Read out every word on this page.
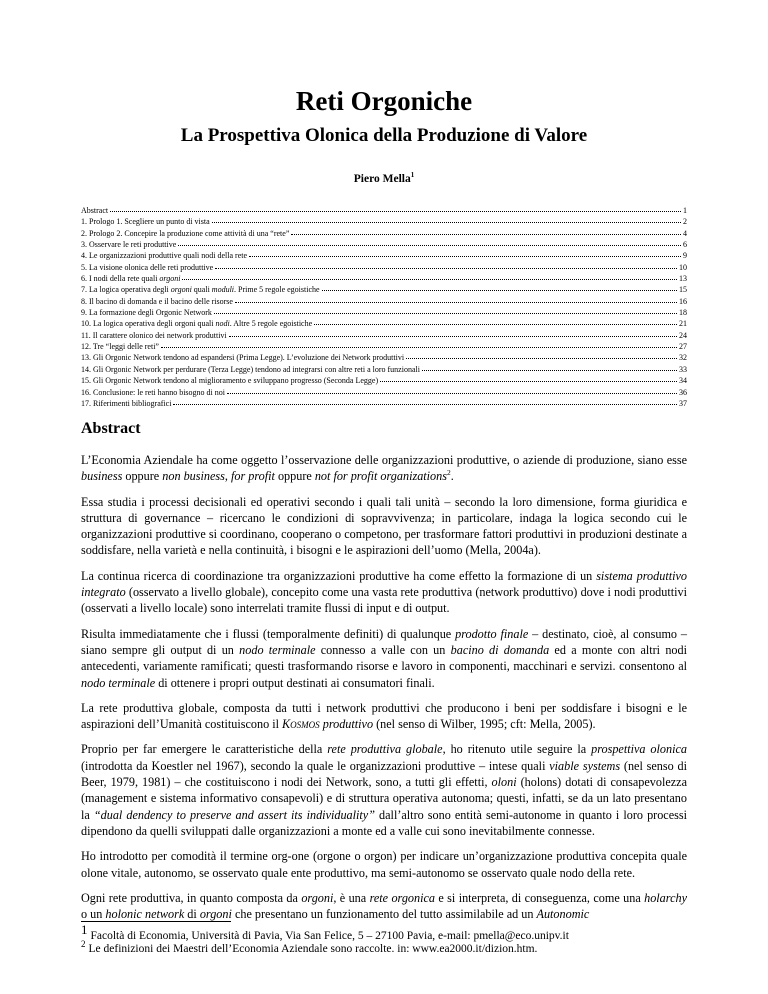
Reti Orgoniche
La Prospettiva Olonica della Produzione di Valore
Piero Mella$^1$
Abstract	1
1. Prologo 1. Scegliere un punto di vista	2
2. Prologo 2. Concepire la produzione come attività di una “rete”	4
3. Osservare le reti produttive	6
4. Le organizzazioni produttive quali nodi della rete	9
5. La visione olonica delle reti produttive	10
6. I nodi della rete quali orgoni	13
7. La logica operativa degli orgoni quali moduli. Prime 5 regole egoistiche	15
8. Il bacino di domanda e il bacino delle risorse	16
9. La formazione degli Orgonic Network	18
10. La logica operativa degli orgoni quali nodi. Altre 5 regole egoistiche	21
11. Il carattere olonico dei network produttivi	24
12. Tre “leggi delle reti”	27
13. Gli Orgonic Network tendono ad espandersi (Prima Legge). L’evoluzione dei Network produttivi	32
14. Gli Orgonic Network per perdurare (Terza Legge) tendono ad integrarsi con altre reti a loro funzionali	33
15. Gli Orgonic Network tendono al miglioramento e sviluppano progresso (Seconda Legge)	34
16. Conclusione: le reti hanno bisogno di noi	36
17. Riferimenti bibliografici	37
Abstract

L’Economia Aziendale ha come oggetto l’osservazione delle organizzazioni produttive, o aziende di produzione, siano esse business oppure non business, for profit oppure not for profit organizations$^2$.

Essa studia i processi decisionali ed operativi secondo i quali tali unità – secondo la loro dimensione, forma giuridica e struttura di governance – ricercano le condizioni di sopravvivenza; in particolare, indaga la logica secondo cui le organizzazioni produttive si coordinano, cooperano o competono, per trasformare fattori produttivi in produzioni destinate a soddisfare, nella varietà e nella continuità, i bisogni e le aspirazioni dell’uomo (Mella, 2004a).

La continua ricerca di coordinazione tra organizzazioni produttive ha come effetto la formazione di un sistema produttivo integrato (osservato a livello globale), concepito come una vasta rete produttiva (network produttivo) dove i nodi produttivi (osservati a livello locale) sono interrelati tramite flussi di input e di output.

Risulta immediatamente che i flussi (temporalmente definiti) di qualunque prodotto finale – destinato, cioè, al consumo – siano sempre gli output di un nodo terminale connesso a valle con un bacino di domanda ed a monte con altri nodi antecedenti, variamente ramificati; questi trasformando risorse e lavoro in componenti, macchinari e servizi. consentono al nodo terminale di ottenere i propri output destinati ai consumatori finali.

La rete produttiva globale, composta da tutti i network produttivi che producono i beni per soddisfare i bisogni e le aspirazioni dell’Umanità costituiscono il Kosmos produttivo (nel senso di Wilber, 1995; cft: Mella, 2005).

Proprio per far emergere le caratteristiche della rete produttiva globale, ho ritenuto utile seguire la prospettiva olonica (introdotta da Koestler nel 1967), secondo la quale le organizzazioni produttive – intese quali viable systems (nel senso di Beer, 1979, 1981) – che costituiscono i nodi dei Network, sono, a tutti gli effetti, oloni (holons) dotati di consapevolezza (management e sistema informativo consapevoli) e di struttura operativa autonoma; questi, infatti, se da un lato presentano la “dual dendency to preserve and assert its individuality” dall’altro sono entità semi-autonome in quanto i loro processi dipendono da quelli sviluppati dalle organizzazioni a monte ed a valle cui sono inevitabilmente connesse.

Ho introdotto per comodità il termine org-one (orgone o orgon) per indicare un’organizzazione produttiva concepita quale olone vitale, autonomo, se osservato quale ente produttivo, ma semi-autonomo se osservato quale nodo della rete.

Ogni rete produttiva, in quanto composta da orgoni, è una rete orgonica e si interpreta, di conseguenza, come una holarchy o un holonic network di orgoni che presentano un funzionamento del tutto assimilabile ad un Autonomic

$^1$ Facoltà di Economia, Università di Pavia, Via San Felice, 5 – 27100 Pavia, e-mail: pmella@eco.unipv.it
$^2$ Le definizioni dei Maestri dell’Economia Aziendale sono raccolte. in: www.ea2000.it/dizion.htm.
